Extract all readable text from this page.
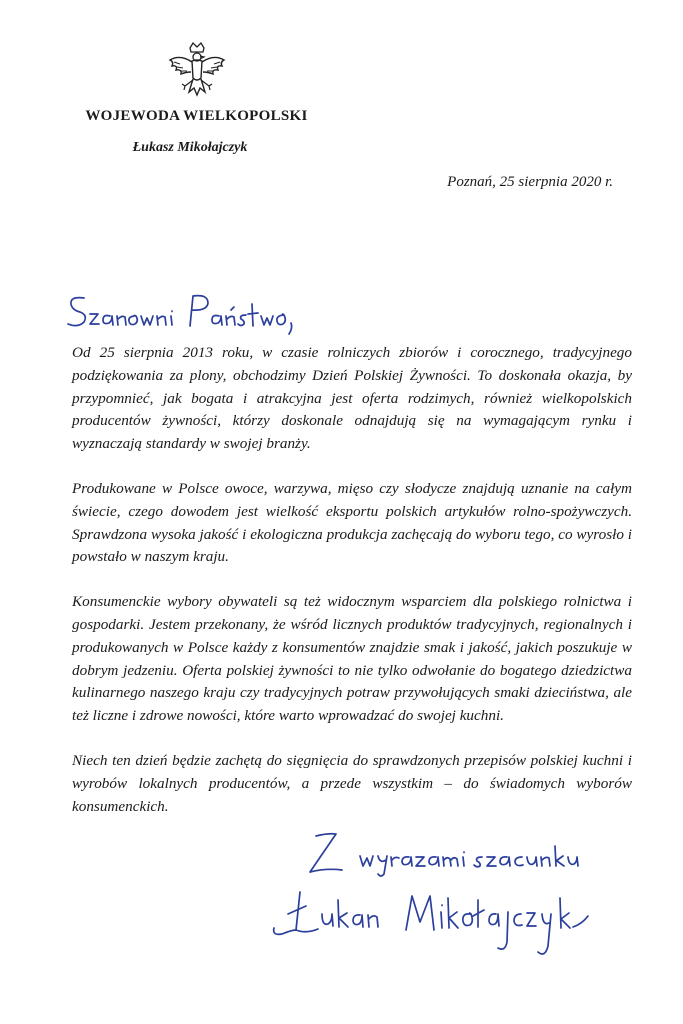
WOJEWODA WIELKOPOLSKI
Łukasz Mikołajczyk
Poznań, 25 sierpnia 2020 r.

Od 25 sierpnia 2013 roku, w czasie rolniczych zbiorów i corocznego, tradycyjnego podziękowania za plony, obchodzimy Dzień Polskiej Żywności. To doskonała okazja, by przypomnieć, jak bogata i atrakcyjna jest oferta rodzimych, również wielkopolskich producentów żywności, którzy doskonale odnajdują się na wymagającym rynku i wyznaczają standardy w swojej branży.

Produkowane w Polsce owoce, warzywa, mięso czy słodycze znajdują uznanie na całym świecie, czego dowodem jest wielkość eksportu polskich artykułów rolno-spożywczych. Sprawdzona wysoka jakość i ekologiczna produkcja zachęcają do wyboru tego, co wyrosło i powstało w naszym kraju.

Konsumenckie wybory obywateli są też widocznym wsparciem dla polskiego rolnictwa i gospodarki. Jestem przekonany, że wśród licznych produktów tradycyjnych, regionalnych i produkowanych w Polsce każdy z konsumentów znajdzie smak i jakość, jakich poszukuje w dobrym jedzeniu. Oferta polskiej żywności to nie tylko odwołanie do bogatego dziedzictwa kulinarnego naszego kraju czy tradycyjnych potraw przywołujących smaki dzieciństwa, ale też liczne i zdrowe nowości, które warto wprowadzać do swojej kuchni.

Niech ten dzień będzie zachętą do sięgnięcia do sprawdzonych przepisów polskiej kuchni i wyrobów lokalnych producentów, a przede wszystkim – do świadomych wyborów konsumenckich.
